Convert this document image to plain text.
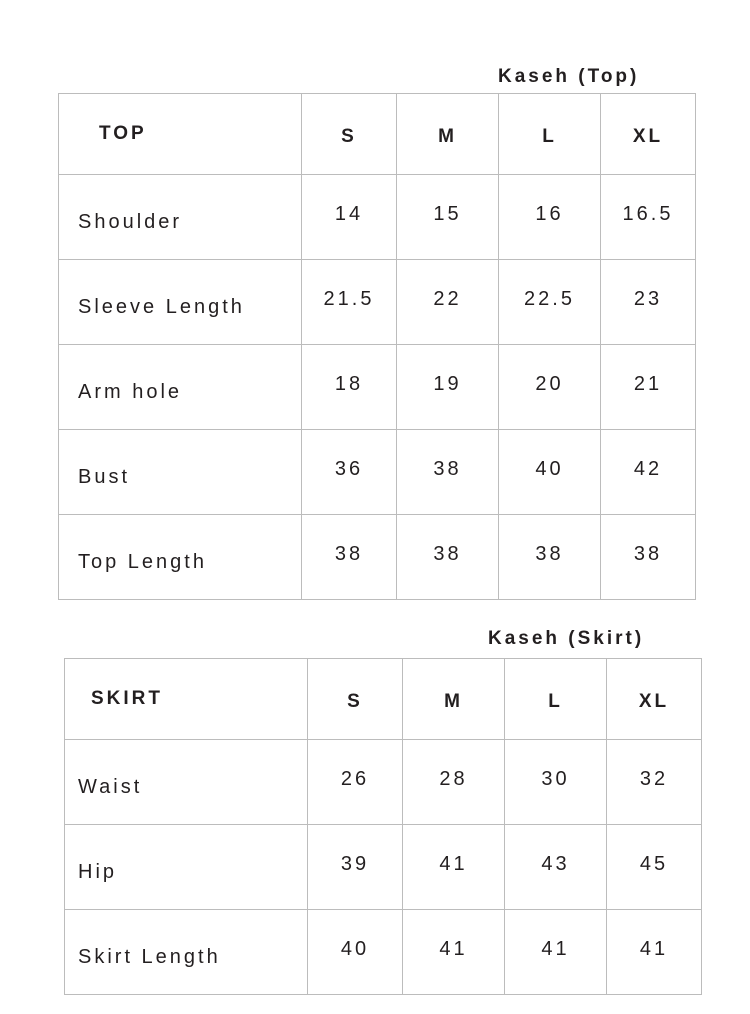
Kaseh (Top)
TOP	S	M	L	XL
Shoulder	14	15	16	16.5
Sleeve Length	21.5	22	22.5	23
Arm hole	18	19	20	21
Bust	36	38	40	42
Top Length	38	38	38	38
Kaseh (Skirt)
SKIRT	S	M	L	XL
Waist	26	28	30	32
Hip	39	41	43	45
Skirt Length	40	41	41	41
